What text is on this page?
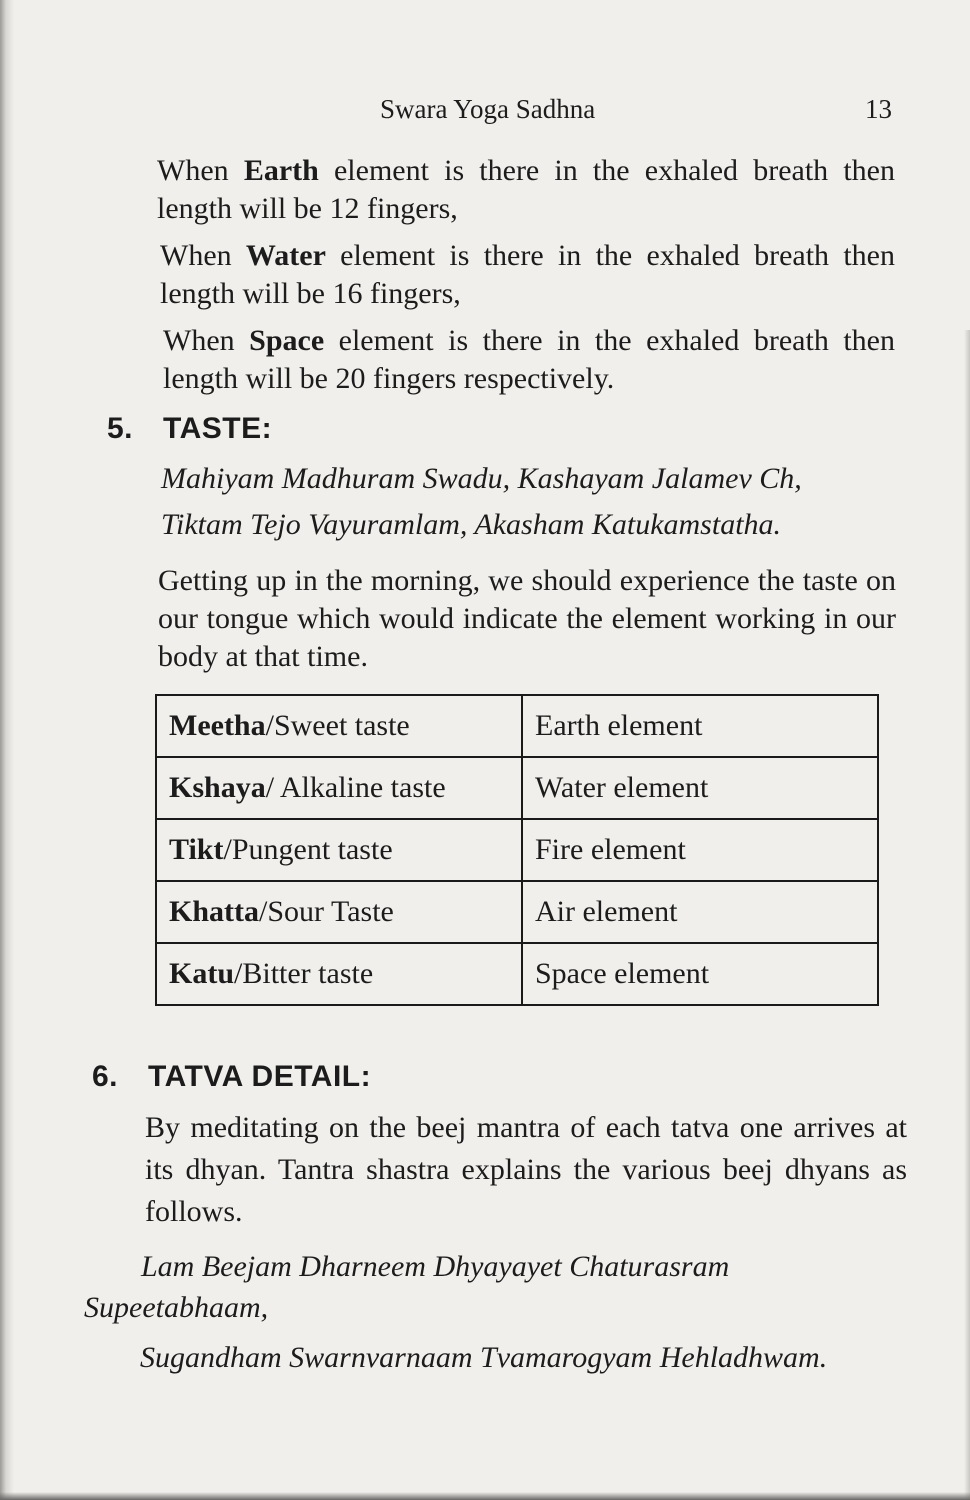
Swara Yoga Sadhna	13

When Earth element is there in the exhaled breath then length will be 12 fingers,

When Water element is there in the exhaled breath then length will be 16 fingers,

When Space element is there in the exhaled breath then length will be 20 fingers respectively.

5. TASTE:
Mahiyam Madhuram Swadu, Kashayam Jalamev Ch,
Tiktam Tejo Vayuramlam, Akasham Katukamstatha.

Getting up in the morning, we should experience the taste on our tongue which would indicate the element working in our body at that time.

Meetha/Sweet taste	Earth element
Kshaya/ Alkaline taste	Water element
Tikt/Pungent taste	Fire element
Khatta/Sour Taste	Air element
Katu/Bitter taste	Space element
6. TATVA DETAIL:

By meditating on the beej mantra of each tatva one arrives at its dhyan. Tantra shastra explains the various beej dhyans as follows.

Lam Beejam Dharneem Dhyayayet Chaturasram
Supeetabhaam,
Sugandham Swarnvarnaam Tvamarogyam Hehladhwam.
